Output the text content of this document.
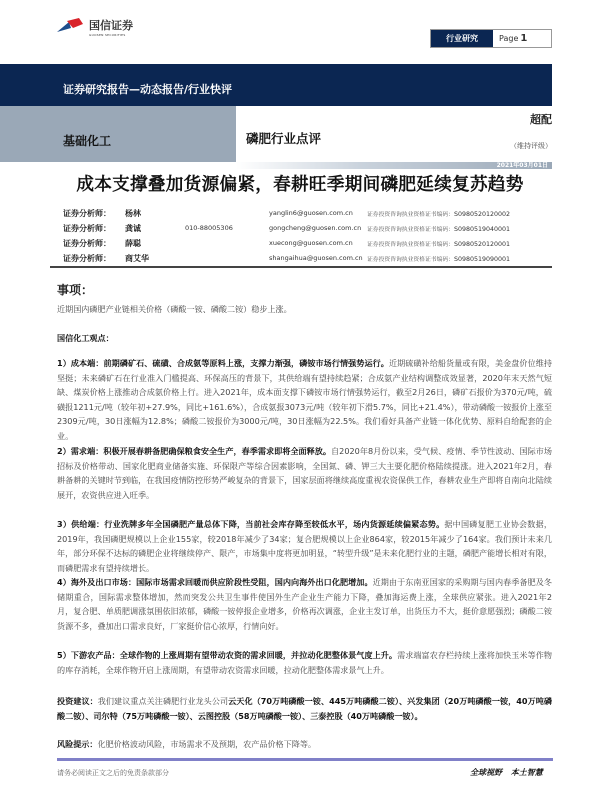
国信证券
GUOSEN SECURITIES	行业研究	Page 1
证券研究报告—动态报告/行业快评
基础化工	磷肥行业点评
超配
（维持评级）
2021年03月01日
成本支撑叠加货源偏紧，春耕旺季期间磷肥延续复苏趋势
证券分析师：	杨林	yanglin6@guosen.com.cn	证券投资咨询执业资格证书编码：S0980520120002
证券分析师：	龚诚	010-88005306	gongcheng@guosen.com.cn 证券投资咨询执业资格证书编码：S0980519040001
证券分析师：	薛聪	xuecong@guosen.com.cn	证券投资咨询执业资格证书编码：S0980520120001
证券分析师：	商艾华	shangaihua@guosen.com.cn 证券投资咨询执业资格证书编码：S0980519090001
事项：
近期国内磷肥产业链相关价格（磷酸一铵、磷酸二铵）稳步上涨。
国信化工观点：
1）成本端：前期磷矿石、硫磺、合成氨等原料上涨，支撑力渐强，磷铵市场行情强势运行。近期硫磺补给船货量或有限，美金盘价位维持坚挺；未来磷矿石在行业准入门槛提高、环保高压的背景下，其供给端有望持续趋紧；合成氨产业结构调整成效显著，2020年末天然气短缺、煤炭价格上涨推动合成氨价格上行。进入2021年，成本面支撑下磷铵市场行情强势运行，截至2月26日，磷矿石报价为370元/吨，硫磺报1211元/吨（较年初+27.9%，同比+161.6%），合成氨报3073元/吨（较年初下滑5.7%，同比+21.4%），带动磷酸一铵报价上涨至2309元/吨，30日涨幅为12.8%；磷酸二铵报价为3000元/吨，30日涨幅为22.5%。我们看好具备产业链一体化优势、原料自给配套的企业。
2）需求端：积极开展春耕备肥确保粮食安全生产，春季需求即将全面释放。自2020年8月份以来，受气候、疫情、季节性波动、国际市场招标及价格带动、国家化肥商业储备实施、环保限产等综合因素影响，全国氮、磷、钾三大主要化肥价格陆续提涨。进入2021年2月，春耕备耕的关键时节到临，在我国疫情防控形势严峻复杂的背景下，国家层面将继续高度重视农资保供工作，春耕农业生产即将自南向北陆续展开，农资供应进入旺季。
3）供给端：行业洗牌多年全国磷肥产量总体下降，当前社会库存降至较低水平，场内货源延续偏紧态势。据中国磷复肥工业协会数据，2019年，我国磷肥规模以上企业155家，较2018年减少了34家；复合肥规模以上企业864家，较2015年减少了164家。我们预计未来几年，部分环保不达标的磷肥企业将继续停产、限产，市场集中度将更加明显，“转型升级”是未来化肥行业的主题，磷肥产能增长相对有限，而磷肥需求有望持续增长。
4）海外及出口市场：国际市场需求回暖而供应阶段性受阻，国内向海外出口化肥增加。近期由于东南亚国家的采购期与国内春季备肥及冬储期重合，国际需求整体增加，然而突发公共卫生事件使国外生产企业生产能力下降，叠加海运费上涨，全球供应紧张。进入2021年2月，复合肥、单质肥调涨氛围依旧浓郁，磷酸一铵停报企业增多，价格再次调涨，企业主发订单，出货压力不大，挺价意愿强烈；磷酸二铵货源不多，叠加出口需求良好，厂家挺价信心浓厚，行情向好。
5）下游农产品：全球作物的上涨周期有望带动农资的需求回暖，并拉动化肥整体景气度上升。需求端富农存栏持续上涨将加快玉米等作物的库存消耗，全球作物开启上涨周期，有望带动农资需求回暖，拉动化肥整体需求景气上升。
投资建议：我们建议重点关注磷肥行业龙头公司云天化（70万吨磷酸一铵、445万吨磷酸二铵）、兴发集团（20万吨磷酸一铵，40万吨磷酸二铵）、司尔特（75万吨磷酸一铵）、云图控股（58万吨磷酸一铵）、三泰控股（40万吨磷酸一铵）。
风险提示：化肥价格波动风险，市场需求不及预期，农产品价格下降等。
请务必阅读正文之后的免责条款部分	全球视野 本土智慧
